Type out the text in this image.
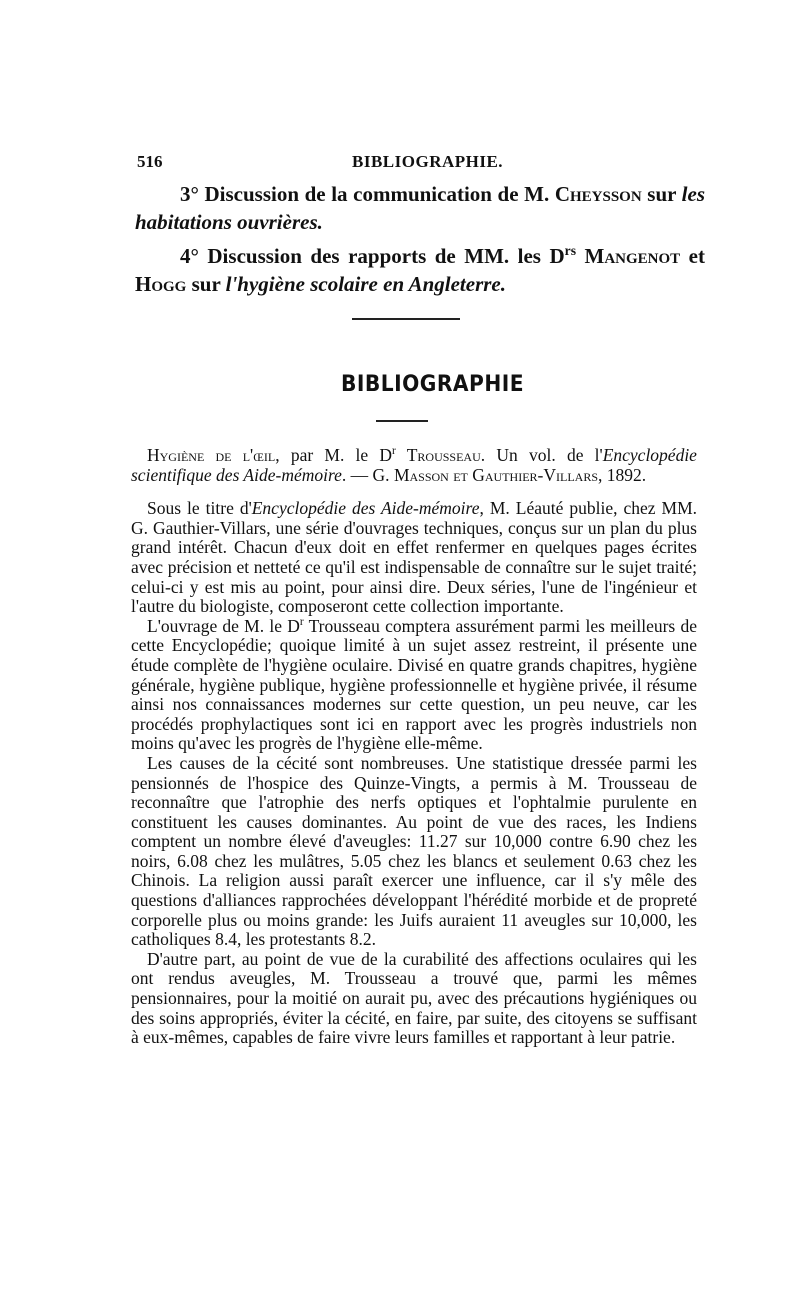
516	BIBLIOGRAPHIE.

3° Discussion de la communication de M. Cheysson sur les habitations ouvrières.

4° Discussion des rapports de MM. les $D^{rs}$ Mangenot et Hogg sur l'hygiène scolaire en Angleterre.

BIBLIOGRAPHIE

Hygiène de l'œil, par M. le $D^r$ Trousseau. Un vol. de l'Encyclopédie scientifique des Aide-mémoire. — G. Masson et Gauthier-Villars, 1892.

Sous le titre d'Encyclopédie des Aide-mémoire, M. Léauté publie, chez MM. G. Gauthier-Villars, une série d'ouvrages techniques, conçus sur un plan du plus grand intérêt. Chacun d'eux doit en effet renfermer en quelques pages écrites avec précision et netteté ce qu'il est indispensable de connaître sur le sujet traité; celui-ci y est mis au point, pour ainsi dire. Deux séries, l'une de l'ingénieur et l'autre du biologiste, composeront cette collection importante.

L'ouvrage de M. le $D^r$ Trousseau comptera assurément parmi les meilleurs de cette Encyclopédie; quoique limité à un sujet assez restreint, il présente une étude complète de l'hygiène oculaire. Divisé en quatre grands chapitres, hygiène générale, hygiène publique, hygiène professionnelle et hygiène privée, il résume ainsi nos connaissances modernes sur cette question, un peu neuve, car les procédés prophylactiques sont ici en rapport avec les progrès industriels non moins qu'avec les progrès de l'hygiène elle-même.

Les causes de la cécité sont nombreuses. Une statistique dressée parmi les pensionnés de l'hospice des Quinze-Vingts, a permis à M. Trousseau de reconnaître que l'atrophie des nerfs optiques et l'ophtalmie purulente en constituent les causes dominantes. Au point de vue des races, les Indiens comptent un nombre élevé d'aveugles: 11.27 sur 10,000 contre 6.90 chez les noirs, 6.08 chez les mulâtres, 5.05 chez les blancs et seulement 0.63 chez les Chinois. La religion aussi paraît exercer une influence, car il s'y mêle des questions d'alliances rapprochées développant l'hérédité morbide et de propreté corporelle plus ou moins grande: les Juifs auraient 11 aveugles sur 10,000, les catholiques 8.4, les protestants 8.2.

D'autre part, au point de vue de la curabilité des affections oculaires qui les ont rendus aveugles, M. Trousseau a trouvé que, parmi les mêmes pensionnaires, pour la moitié on aurait pu, avec des précautions hygiéniques ou des soins appropriés, éviter la cécité, en faire, par suite, des citoyens se suffisant à eux-mêmes, capables de faire vivre leurs familles et rapportant à leur patrie.
